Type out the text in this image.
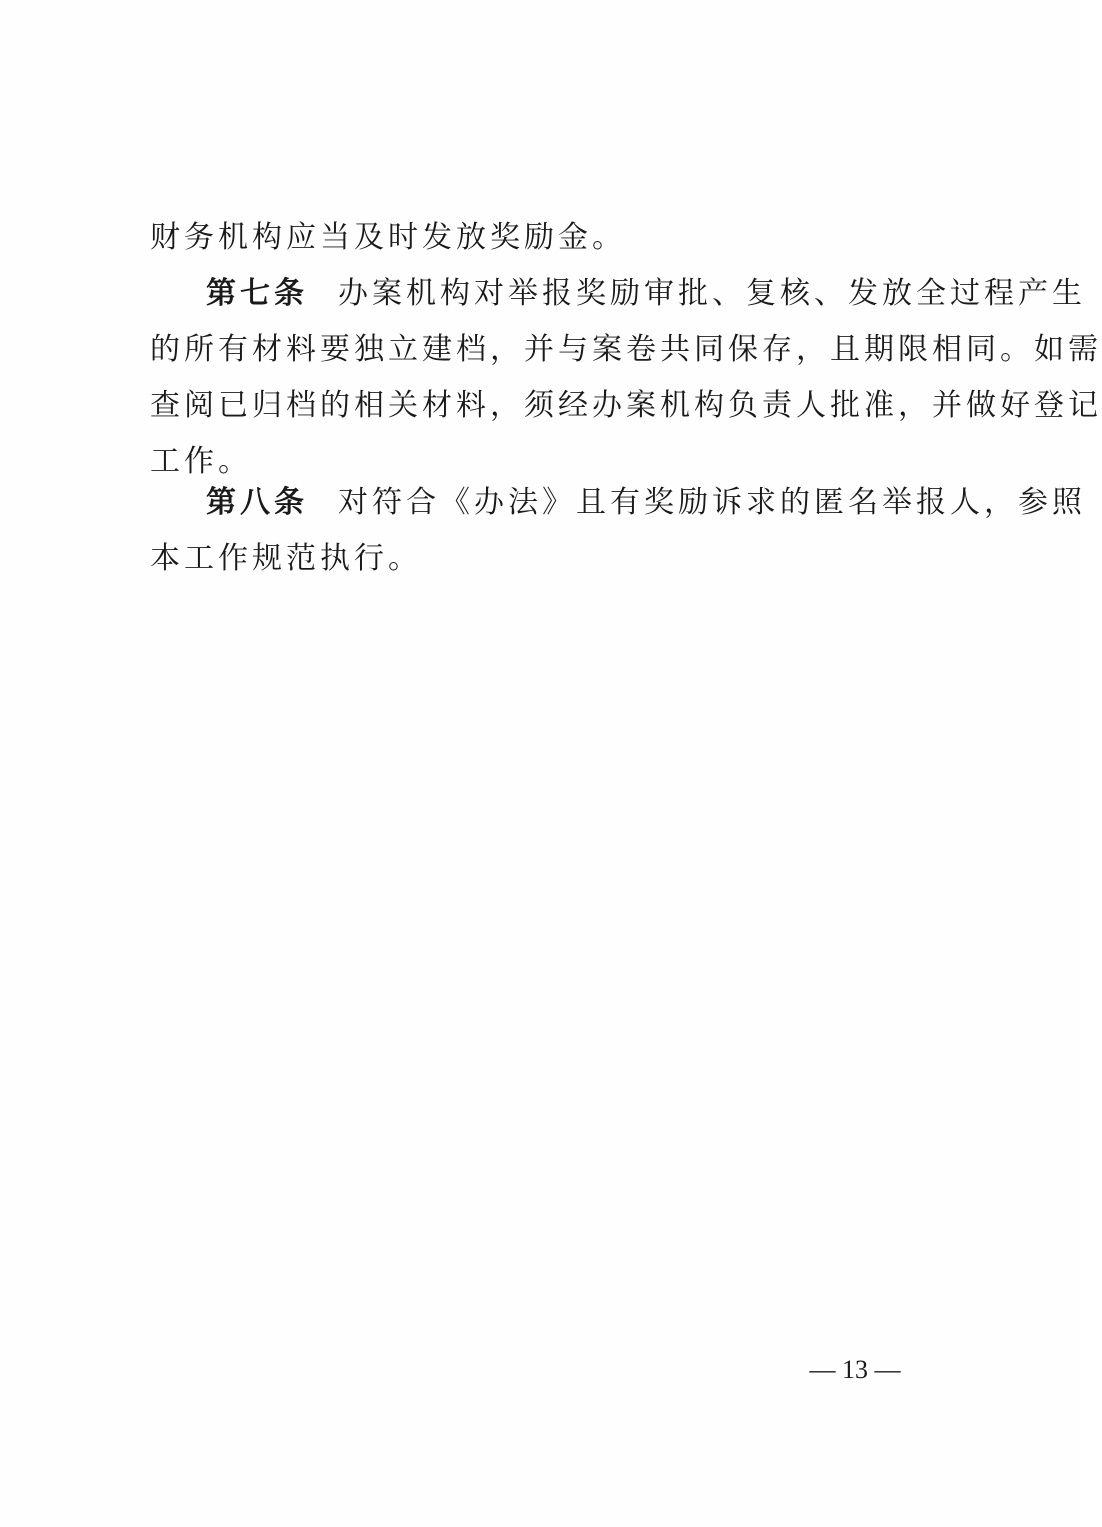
财务机构应当及时发放奖励金。
第七条 办案机构对举报奖励审批、复核、发放全过程产生
的所有材料要独立建档，并与案卷共同保存，且期限相同。如需
查阅已归档的相关材料，须经办案机构负责人批准，并做好登记
工作。
第八条 对符合《办法》且有奖励诉求的匿名举报人，参照
本工作规范执行。
— 13 —
